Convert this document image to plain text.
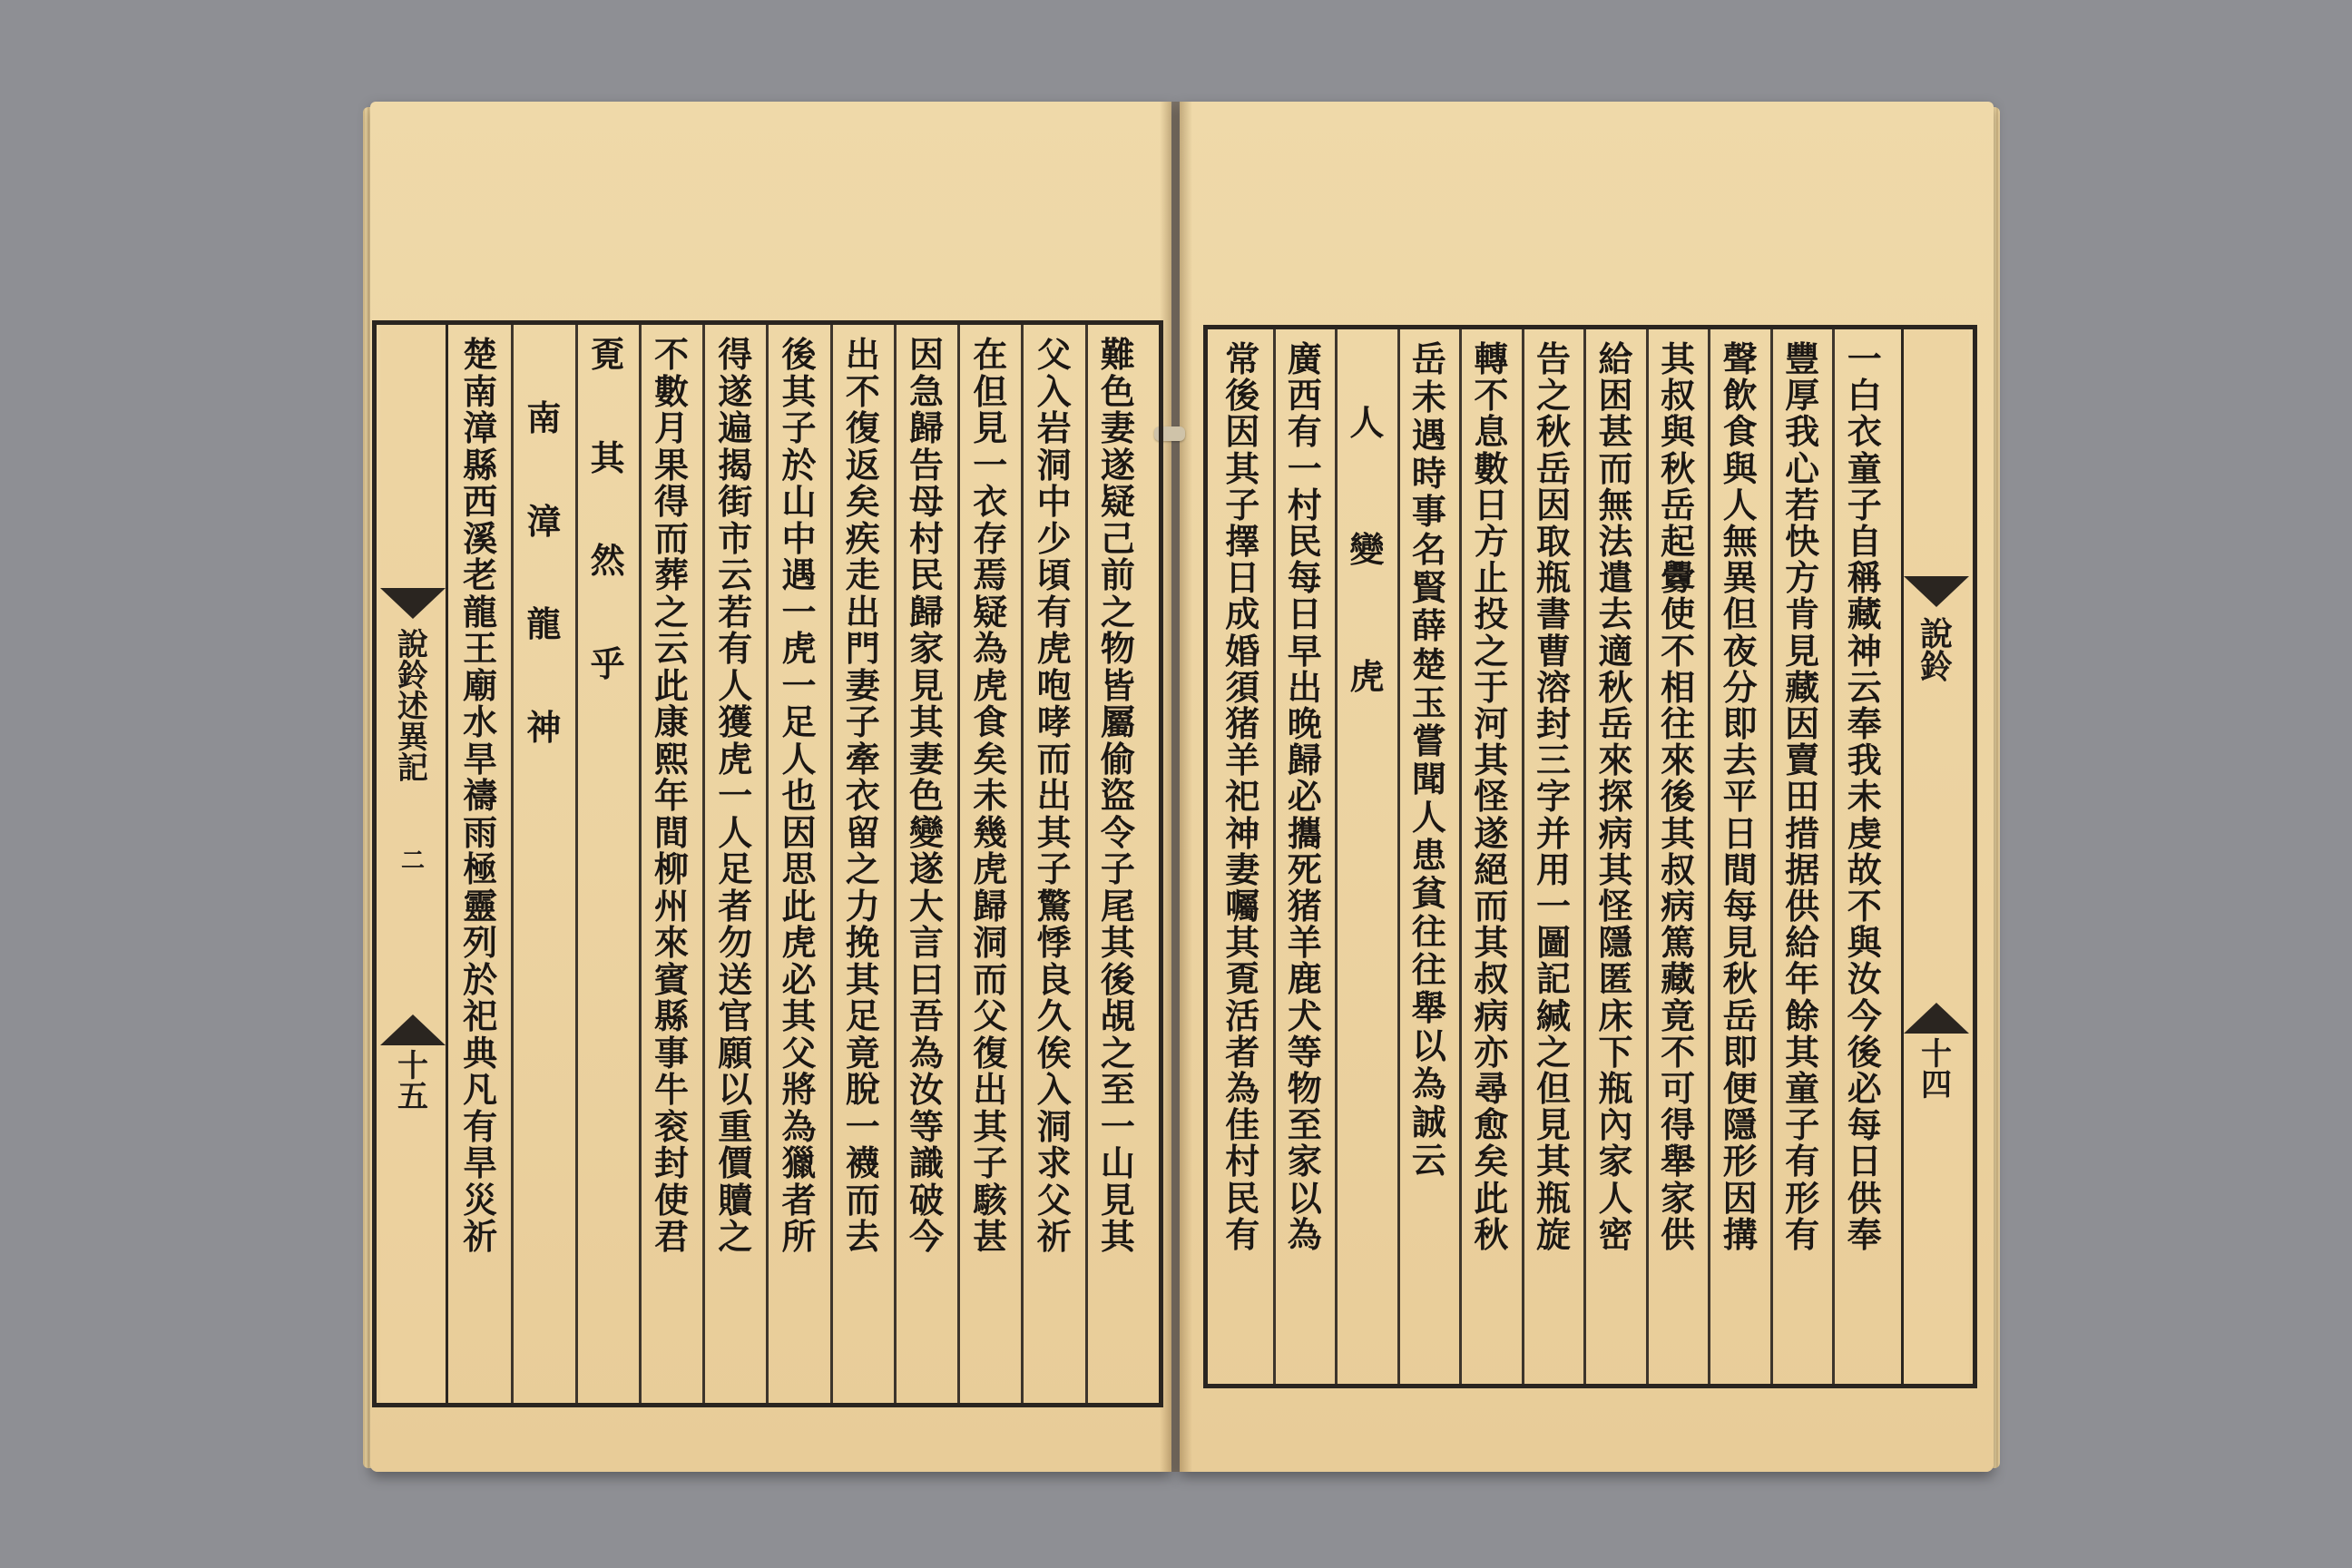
說
鈴
述
異
記
二
十
五
難
色
妻
遂
疑
己
前
之
物
皆
屬
偷
盜
令
子
尾
其
後
覘
之
至
一
山
見
其
父
入
岩
洞
中
少
頃
有
虎
咆
哮
而
出
其
子
驚
悸
良
久
俟
入
洞
求
父
祈
在
但
見
一
衣
存
焉
疑
為
虎
食
矣
未
幾
虎
歸
洞
而
父
復
出
其
子
駭
甚
因
急
歸
告
母
村
民
歸
家
見
其
妻
色
變
遂
大
言
曰
吾
為
汝
等
識
破
今
出
不
復
返
矣
疾
走
出
門
妻
子
牽
衣
留
之
力
挽
其
足
竟
脫
一
襪
而
去
後
其
子
於
山
中
遇
一
虎
一
足
人
也
因
思
此
虎
必
其
父
將
為
獵
者
所
得
遂
遍
揭
街
市
云
若
有
人
獲
虎
一
人
足
者
勿
送
官
願
以
重
價
贖
之
不
數
月
果
得
而
葬
之
云
此
康
熙
年
間
柳
州
來
賓
縣
事
牛
衮
封
使
君
覔
其
然
乎
南
漳
龍
神
楚
南
漳
縣
西
溪
老
龍
王
廟
水
旱
禱
雨
極
靈
列
於
祀
典
凡
有
旱
災
祈
說
鈴
十
四
一
白
衣
童
子
自
稱
藏
神
云
奉
我
未
虔
故
不
與
汝
今
後
必
每
日
供
奉
豐
厚
我
心
若
快
方
肯
見
藏
因
賣
田
措
据
供
給
年
餘
其
童
子
有
形
有
聲
飲
食
與
人
無
異
但
夜
分
即
去
平
日
間
每
見
秋
岳
即
便
隱
形
因
搆
其
叔
與
秋
岳
起
釁
使
不
相
往
來
後
其
叔
病
篤
藏
竟
不
可
得
舉
家
供
給
困
甚
而
無
法
遣
去
適
秋
岳
來
探
病
其
怪
隱
匿
床
下
瓶
內
家
人
密
告
之
秋
岳
因
取
瓶
書
曹
溶
封
三
字
并
用
一
圖
記
緘
之
但
見
其
瓶
旋
轉
不
息
數
日
方
止
投
之
于
河
其
怪
遂
絕
而
其
叔
病
亦
尋
愈
矣
此
秋
岳
未
遇
時
事
名
賢
薛
楚
玉
嘗
聞
人
患
貧
往
往
舉
以
為
誠
云
人
變
虎
廣
西
有
一
村
民
每
日
早
出
晚
歸
必
攜
死
猪
羊
鹿
犬
等
物
至
家
以
為
常
後
因
其
子
擇
日
成
婚
須
猪
羊
祀
神
妻
囑
其
覔
活
者
為
佳
村
民
有
